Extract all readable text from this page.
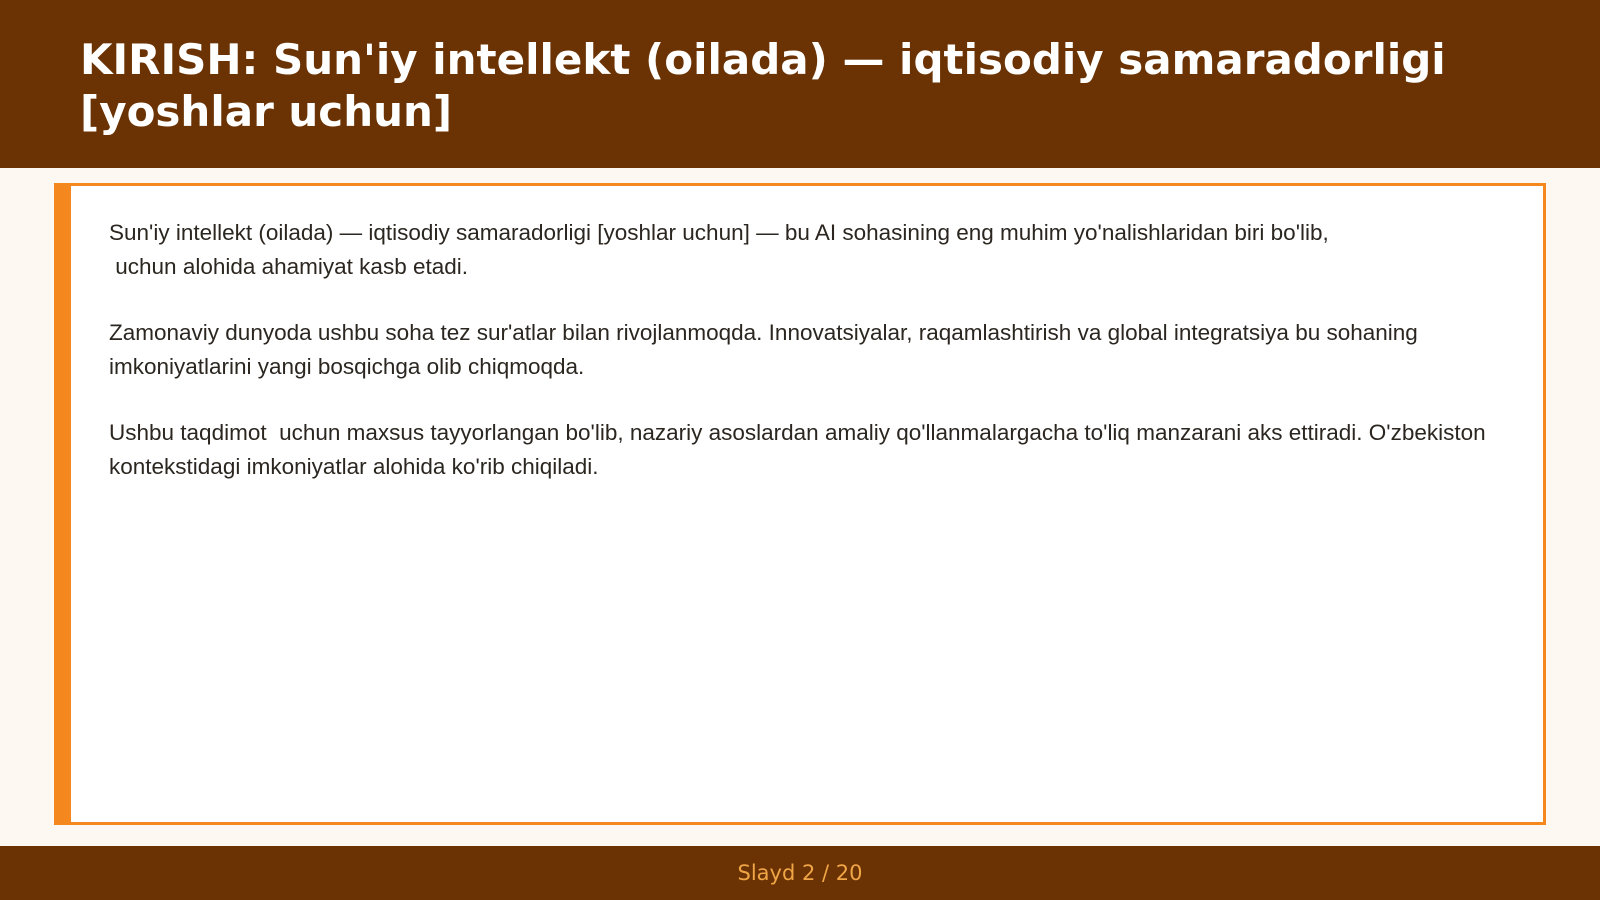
KIRISH: Sun'iy intellekt (oilada) — iqtisodiy samaradorligi [yoshlar uchun]

Sun'iy intellekt (oilada) — iqtisodiy samaradorligi [yoshlar uchun] — bu AI sohasining eng muhim yo'nalishlaridan biri bo'lib,
uchun alohida ahamiyat kasb etadi.

Zamonaviy dunyoda ushbu soha tez sur'atlar bilan rivojlanmoqda. Innovatsiyalar, raqamlashtirish va global integratsiya bu sohaning imkoniyatlarini yangi bosqichga olib chiqmoqda.

Ushbu taqdimot  uchun maxsus tayyorlangan bo'lib, nazariy asoslardan amaliy qo'llanmalargacha to'liq manzarani aks ettiradi. O'zbekiston kontekstidagi imkoniyatlar alohida ko'rib chiqiladi.

Slayd 2 / 20
